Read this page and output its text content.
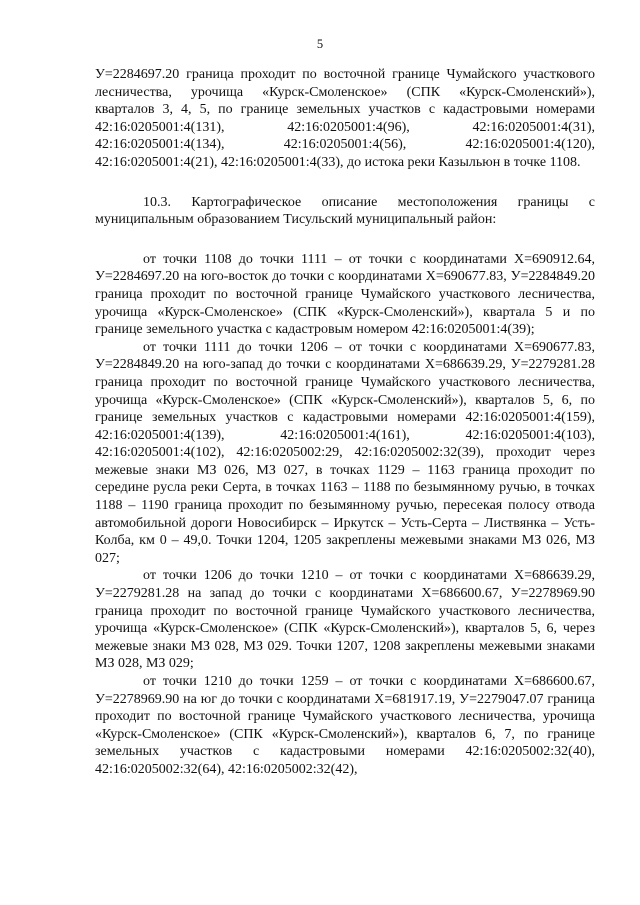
5

У=2284697.20 граница проходит по восточной границе Чумайского участкового лесничества, урочища «Курск-Смоленское» (СПК «Курск-Смоленский»), кварталов 3, 4, 5, по границе земельных участков с кадастровыми номерами 42:16:0205001:4(131), 42:16:0205001:4(96), 42:16:0205001:4(31), 42:16:0205001:4(134), 42:16:0205001:4(56), 42:16:0205001:4(120), 42:16:0205001:4(21), 42:16:0205001:4(33), до истока реки Казыльюн в точке 1108.

10.3. Картографическое описание местоположения границы с муниципальным образованием Тисульский муниципальный район:

от точки 1108 до точки 1111 – от точки с координатами Х=690912.64, У=2284697.20 на юго-восток до точки с координатами Х=690677.83, У=2284849.20 граница проходит по восточной границе Чумайского участкового лесничества, урочища «Курск-Смоленское» (СПК «Курск-Смоленский»), квартала 5 и по границе земельного участка с кадастровым номером 42:16:0205001:4(39);

от точки 1111 до точки 1206 – от точки с координатами Х=690677.83, У=2284849.20 на юго-запад до точки с координатами Х=686639.29, У=2279281.28 граница проходит по восточной границе Чумайского участкового лесничества, урочища «Курск-Смоленское» (СПК «Курск-Смоленский»), кварталов 5, 6, по границе земельных участков с кадастровыми номерами 42:16:0205001:4(159), 42:16:0205001:4(139), 42:16:0205001:4(161), 42:16:0205001:4(103), 42:16:0205001:4(102), 42:16:0205002:29, 42:16:0205002:32(39), проходит через межевые знаки МЗ 026, МЗ 027, в точках 1129 – 1163 граница проходит по середине русла реки Серта, в точках 1163 – 1188 по безымянному ручью, в точках 1188 – 1190 граница проходит по безымянному ручью, пересекая полосу отвода автомобильной дороги Новосибирск – Иркутск – Усть-Серта – Листвянка – Усть-Колба, км 0 – 49,0. Точки 1204, 1205 закреплены межевыми знаками МЗ 026, МЗ 027;

от точки 1206 до точки 1210 – от точки с координатами Х=686639.29, У=2279281.28 на запад до точки с координатами Х=686600.67, У=2278969.90 граница проходит по восточной границе Чумайского участкового лесничества, урочища «Курск-Смоленское» (СПК «Курск-Смоленский»), кварталов 5, 6, через межевые знаки МЗ 028, МЗ 029. Точки 1207, 1208 закреплены межевыми знаками МЗ 028, МЗ 029;

от точки 1210 до точки 1259 – от точки с координатами Х=686600.67, У=2278969.90 на юг до точки с координатами Х=681917.19, У=2279047.07 граница проходит по восточной границе Чумайского участкового лесничества, урочища «Курск-Смоленское» (СПК «Курск-Смоленский»), кварталов 6, 7, по границе земельных участков с кадастровыми номерами 42:16:0205002:32(40), 42:16:0205002:32(64), 42:16:0205002:32(42),
